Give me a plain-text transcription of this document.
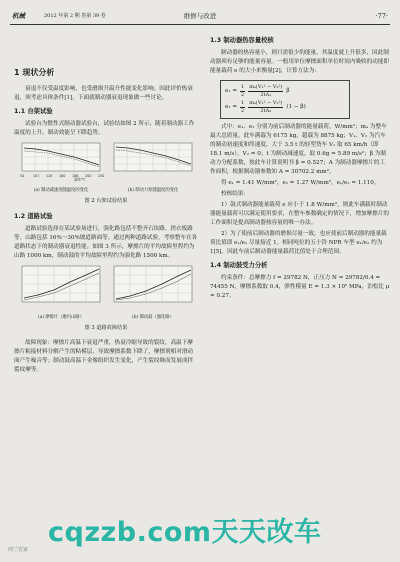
机械	2012 年第 2 期 卷第 39 卷	维修与改进	·77·
1 现状分析

衰退不仅受温度影响，也受磨损升温升性能变化影响。因此评价热衰退，须考虑具体条件[1]，下面就制动器衰退现象做一些讨论。

1.1 台架试验

试验台为惯性式制动器试验台，试验结如图 2 所示，随着制动器工作温度的上升，制动效能呈下降趋势。

50	107 128 160 186 200 250
温度/℃
(a) 制动减速度随温度的变化	(b) 制动力矩随温度的变化
图 2 台架试验结果
1.2 道路试验

道路试验选择在某试验场进行，强化路包括不整齐石块路、搓衣板路等。山路包括 16%～30%坡道路面等。通过两种道路试验，考察整车在各道路状态下的制动器衰退性能。如图 3 所示，摩擦片的平均故障里程约为山路 1000 km，制动鼓的平均故障里程约为强化路 1500 km。

(a) 摩擦片（磨内山路）	(b) 制动鼓（强化路）
图 3 道路故障结果

故障现象：摩擦片高温下衰退严重，热衰冷缩导致的裂纹，高温下摩擦片粘接材料分解产生的粘模层，导致摩擦系数下降了，摩擦剂相对滑动面产生噪音等；制动鼓高温下金像组织发生变化，产生裂纹继而发展成拌裂纹摩等。

1.3 制动器热容量校核

制动器的热容量小，则只需很少的能量，其温度就上升很多，因此制动器须有足够的能量容量。一般用单位摩擦面积单位时间内吸收的动能即能量载荷 e 的大小来衡量[2]，计算方法为：

$e_1 = \frac{1}{2} \frac{\text{mₐ(V₁² − V₂²)}}{\text{2tA₁}}$ β
$e_2 = \frac{1}{2} \frac{\text{mₐ(V₁² − V₂²)}}{\text{2tA₂}} (1 - \beta)$

式中：e₁、e₂ 分别为前后制动器的能量载荷，W/mm²；mₐ 为整车最大总质量，此车满载为 6175 kg，超载为 8875 kg；V₁、V₂ 为汽车的制动初速度和终速度，大于 3.5 t 的轻型货车 V₁ 取 65 km/h（即 18.1 m/s），V₂ = 0；t 为制动减速度，取 0.6g = 5.89 m/s²；β 为制动力分配系数，按此车计算说明书 β = 0.527；A 为制动器摩擦片的工作面积，根据制动器参数知 A = 30702.2 mm²。

得 e₁ = 1.41 W/mm²，e₂ = 1.27 W/mm²，e₁/e₂ = 1.110。

校核结果：

1）鼓式制动器能量载荷 e 应小于 1.8 W/mm²，则此车满载时制动器能量载荷可以满足使用要求，在整车参数确定的情况下，增加摩擦片的工作面积是提高制动器热容量的唯一办法。

2）为了使前后制动器的磨损尽量一致，也应使前后制动器的能量载荷比值即 e₁/e₂ 尽量接近 1。相同吨位的五十铃 NPR 车型 e₁/e₂ 约为 1[5]。因此车前后制动器能量载荷比值处于合理范围。

1.4 制动鼓受力分析

约束条件：总摩擦力 f = 29782 N，正压力 N = 29782/0.4 = 74455 N，摩擦系数取 0.4，弹性模量 E = 1.3 × 10⁵ MPa，泊松比 μ = 0.27。

cqzzb.com天天改车
网兰管家
